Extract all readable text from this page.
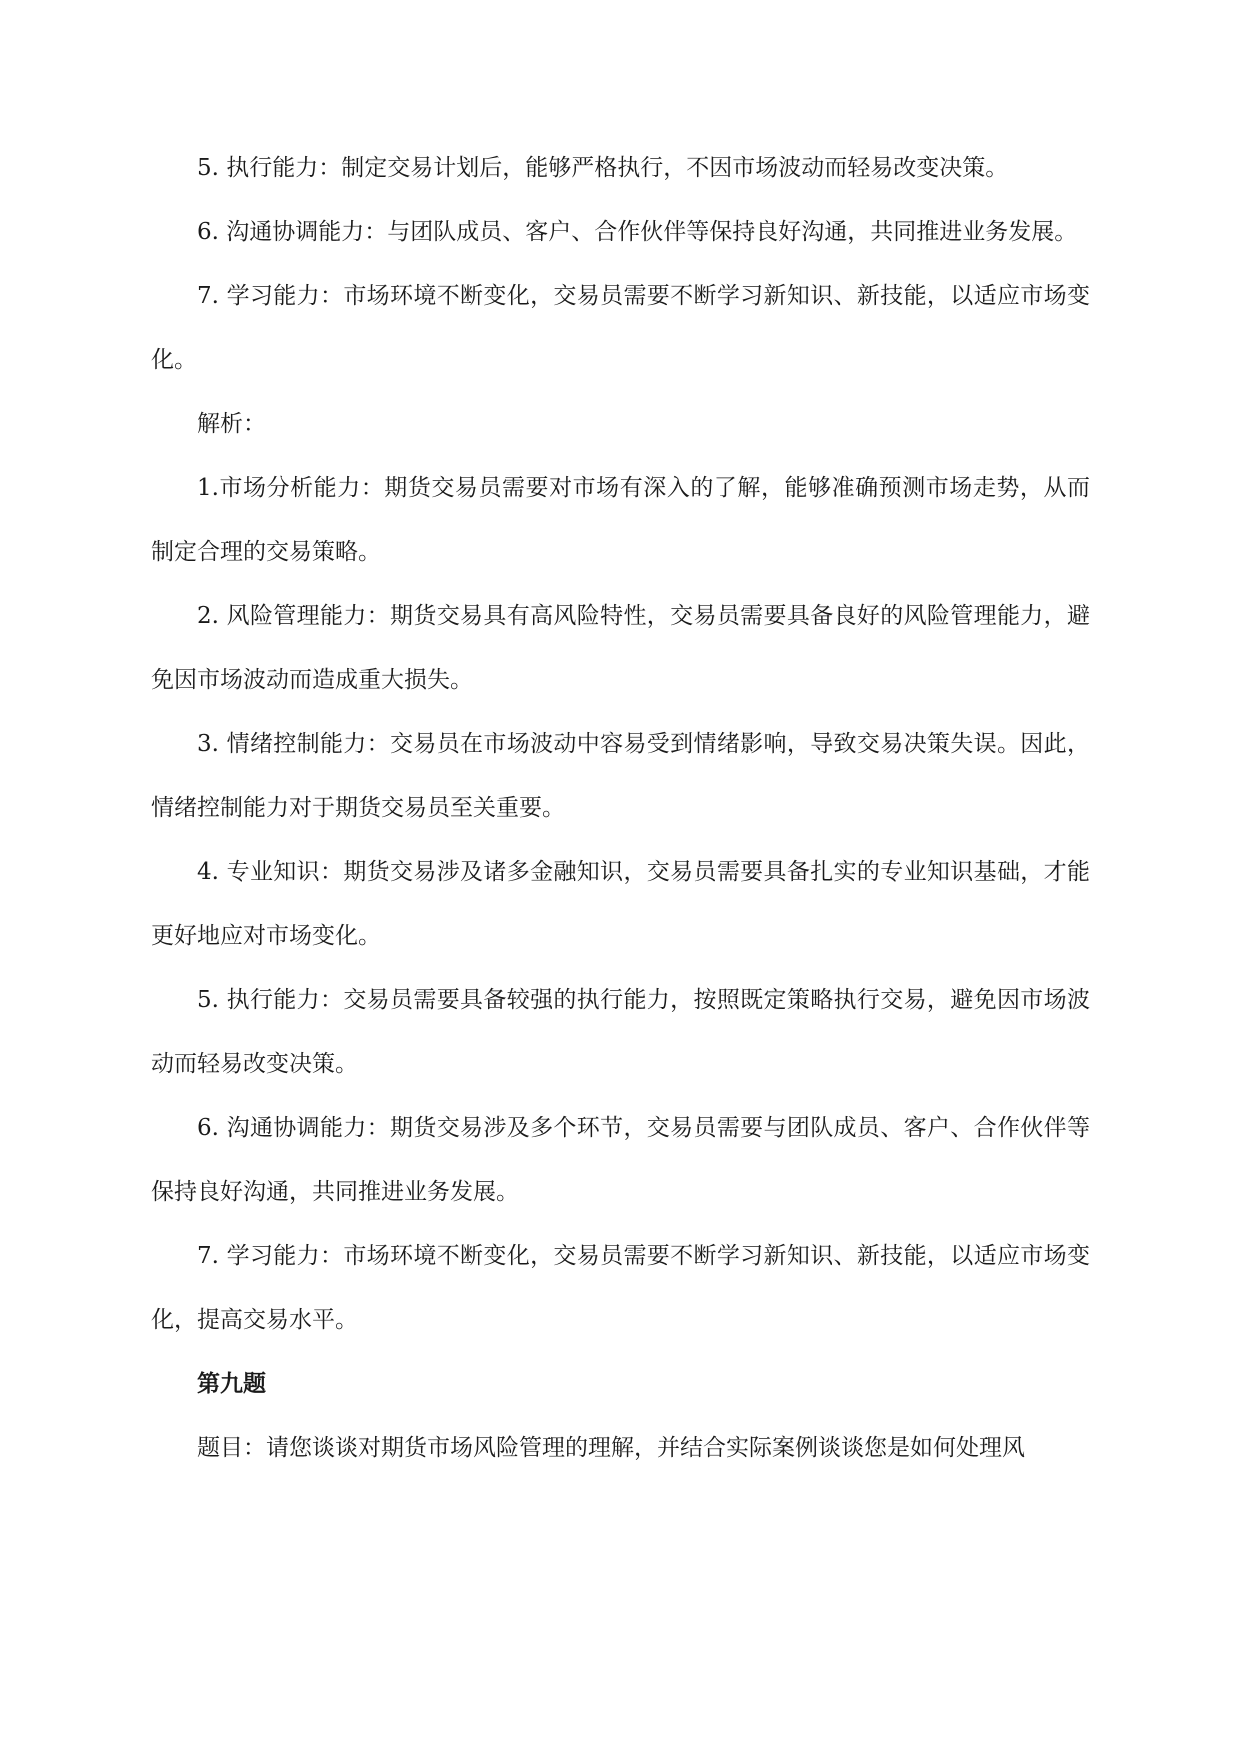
5. 执行能力：制定交易计划后，能够严格执行，不因市场波动而轻易改变决策。

6. 沟通协调能力：与团队成员、客户、合作伙伴等保持良好沟通，共同推进业务发展。

7. 学习能力：市场环境不断变化，交易员需要不断学习新知识、新技能，以适应市场变化。

解析：

1.市场分析能力：期货交易员需要对市场有深入的了解，能够准确预测市场走势，从而制定合理的交易策略。

2. 风险管理能力：期货交易具有高风险特性，交易员需要具备良好的风险管理能力，避免因市场波动而造成重大损失。

3. 情绪控制能力：交易员在市场波动中容易受到情绪影响，导致交易决策失误。因此，情绪控制能力对于期货交易员至关重要。

4. 专业知识：期货交易涉及诸多金融知识，交易员需要具备扎实的专业知识基础，才能更好地应对市场变化。

5. 执行能力：交易员需要具备较强的执行能力，按照既定策略执行交易，避免因市场波动而轻易改变决策。

6. 沟通协调能力：期货交易涉及多个环节，交易员需要与团队成员、客户、合作伙伴等保持良好沟通，共同推进业务发展。

7. 学习能力：市场环境不断变化，交易员需要不断学习新知识、新技能，以适应市场变化，提高交易水平。

第九题

题目：请您谈谈对期货市场风险管理的理解，并结合实际案例谈谈您是如何处理风
